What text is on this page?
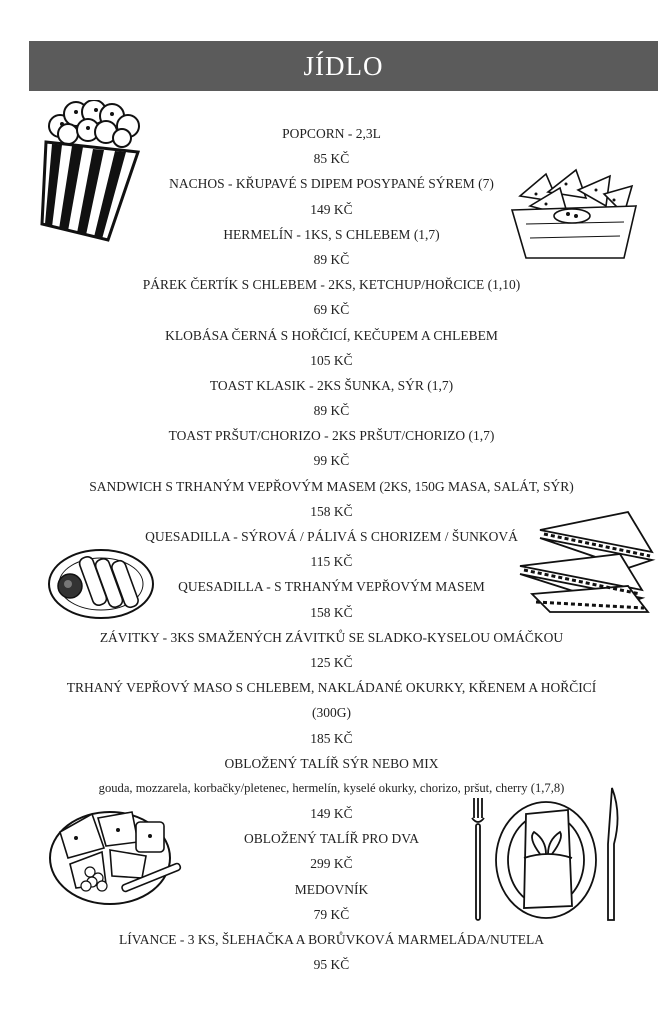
JÍDLO
POPCORN - 2,3L
85 KČ
NACHOS - KŘUPAVÉ S DIPEM POSYPANÉ SÝREM (7)
149 KČ
HERMELÍN - 1KS, S CHLEBEM (1,7)
89 KČ
PÁREK ČERTÍK S CHLEBEM - 2KS, KETCHUP/HOŘCICE (1,10)
69 KČ
KLOBÁSA ČERNÁ S HOŘČICÍ, KEČUPEM A CHLEBEM
105 KČ
TOAST KLASIK - 2KS ŠUNKA, SÝR (1,7)
89 KČ
TOAST PRŠUT/CHORIZO - 2KS PRŠUT/CHORIZO (1,7)
99 KČ
SANDWICH S TRHANÝM VEPŘOVÝM MASEM (2KS, 150G MASA, SALÁT, SÝR)
158 KČ
QUESADILLA - SÝROVÁ / PÁLIVÁ S CHORIZEM / ŠUNKOVÁ
115 KČ
QUESADILLA - S TRHANÝM VEPŘOVÝM MASEM
158 KČ
ZÁVITKY - 3KS SMAŽENÝCH ZÁVITKŮ SE SLADKO-KYSELOU OMÁČKOU
125 KČ
TRHANÝ VEPŘOVÝ MASO S CHLEBEM, NAKLÁDANÉ OKURKY, KŘENEM A HOŘČICÍ
(300G)
185 KČ
OBLOŽENÝ TALÍŘ SÝR NEBO MIX
gouda, mozzarela, korbačky/pletenec, hermelín, kyselé okurky, chorizo, pršut, cherry (1,7,8)
149 KČ
OBLOŽENÝ TALÍŘ PRO DVA
299 KČ
MEDOVNÍK
79 KČ
LÍVANCE - 3 KS, ŠLEHAČKA A BORŮVKOVÁ MARMELÁDA/NUTELA
95 KČ
